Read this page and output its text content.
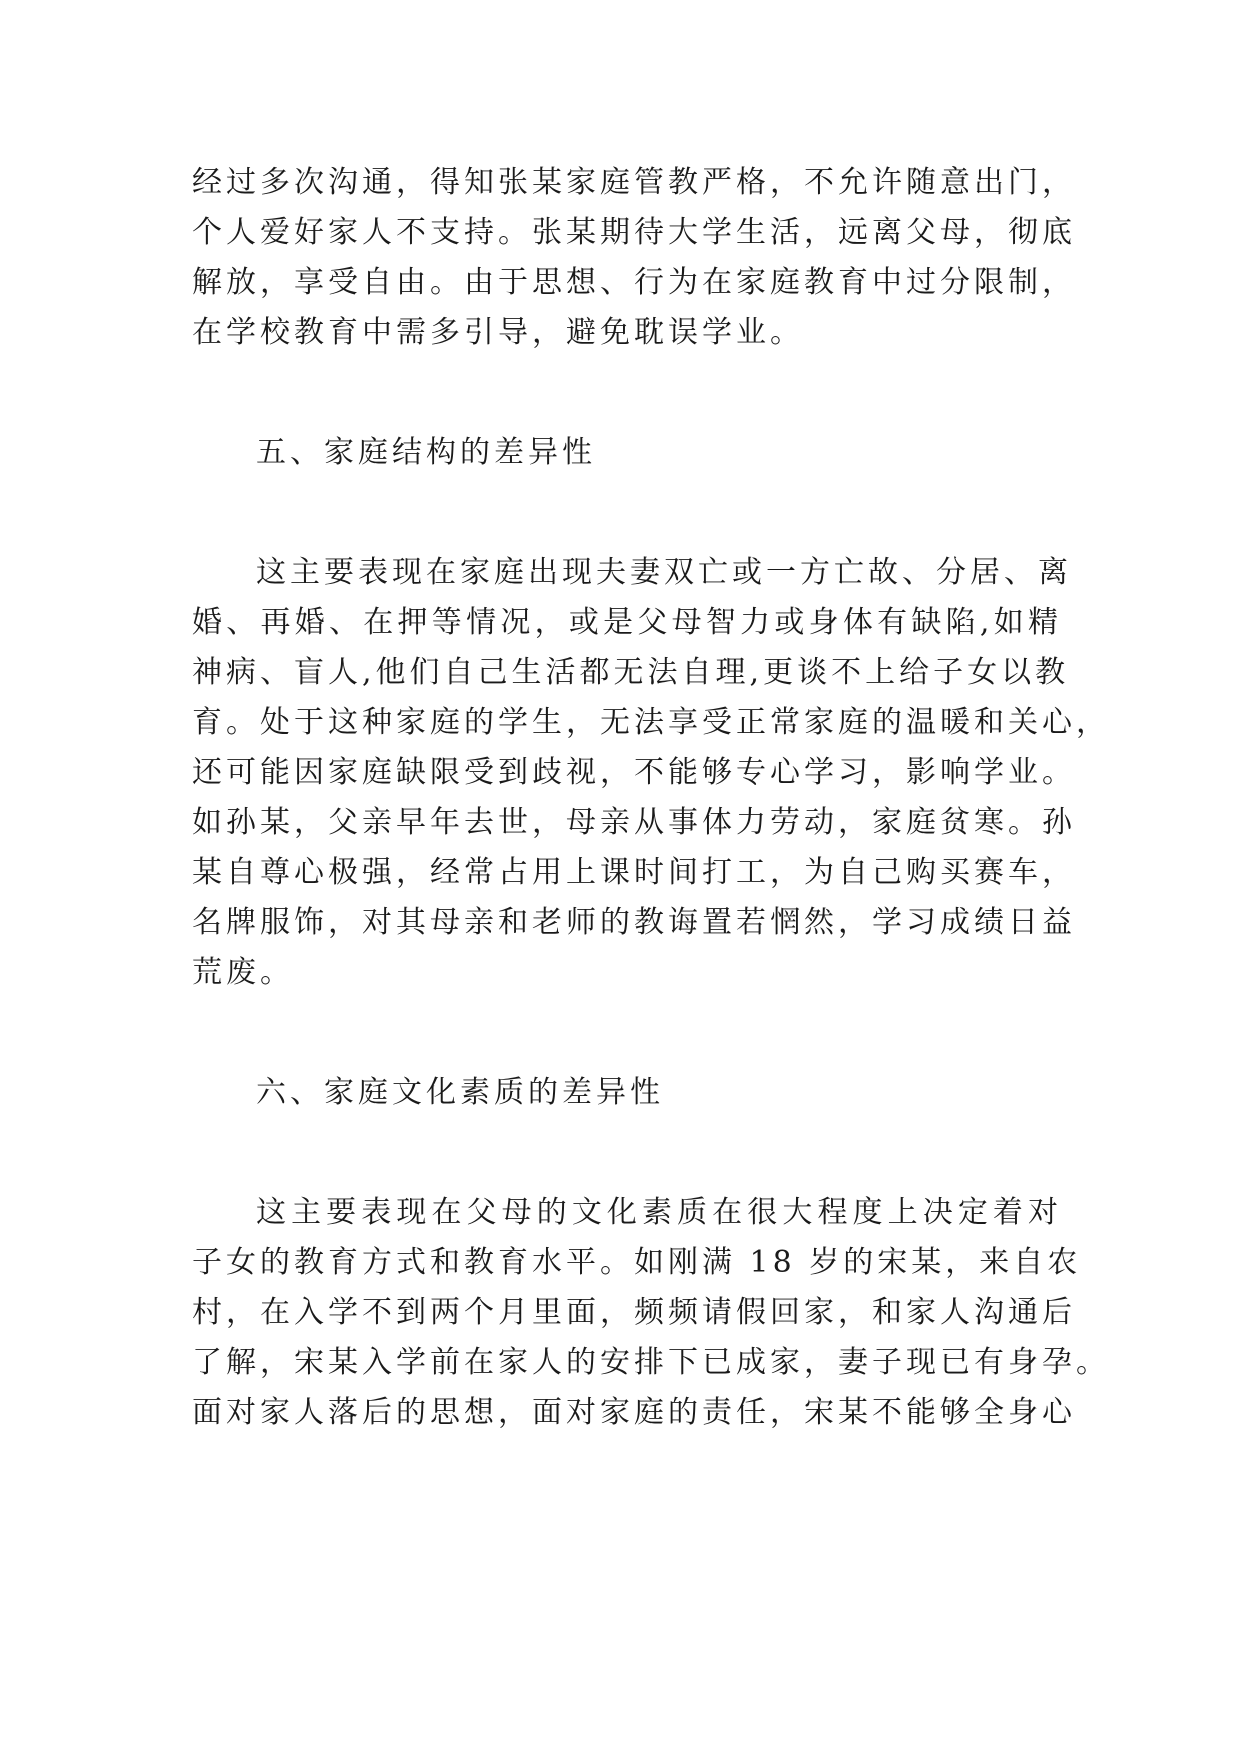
经过多次沟通，得知张某家庭管教严格，不允许随意出门，
个人爱好家人不支持。张某期待大学生活，远离父母，彻底
解放，享受自由。由于思想、行为在家庭教育中过分限制，
在学校教育中需多引导，避免耽误学业。
五、家庭结构的差异性
这主要表现在家庭出现夫妻双亡或一方亡故、分居、离
婚、再婚、在押等情况，或是父母智力或身体有缺陷,如精
神病、盲人,他们自己生活都无法自理,更谈不上给子女以教
育。处于这种家庭的学生，无法享受正常家庭的温暖和关心，
还可能因家庭缺限受到歧视，不能够专心学习，影响学业。
如孙某，父亲早年去世，母亲从事体力劳动，家庭贫寒。孙
某自尊心极强，经常占用上课时间打工，为自己购买赛车，
名牌服饰，对其母亲和老师的教诲置若惘然，学习成绩日益
荒废。
六、家庭文化素质的差异性
这主要表现在父母的文化素质在很大程度上决定着对
子女的教育方式和教育水平。如刚满 18 岁的宋某，来自农
村，在入学不到两个月里面，频频请假回家，和家人沟通后
了解，宋某入学前在家人的安排下已成家，妻子现已有身孕。
面对家人落后的思想，面对家庭的责任，宋某不能够全身心
